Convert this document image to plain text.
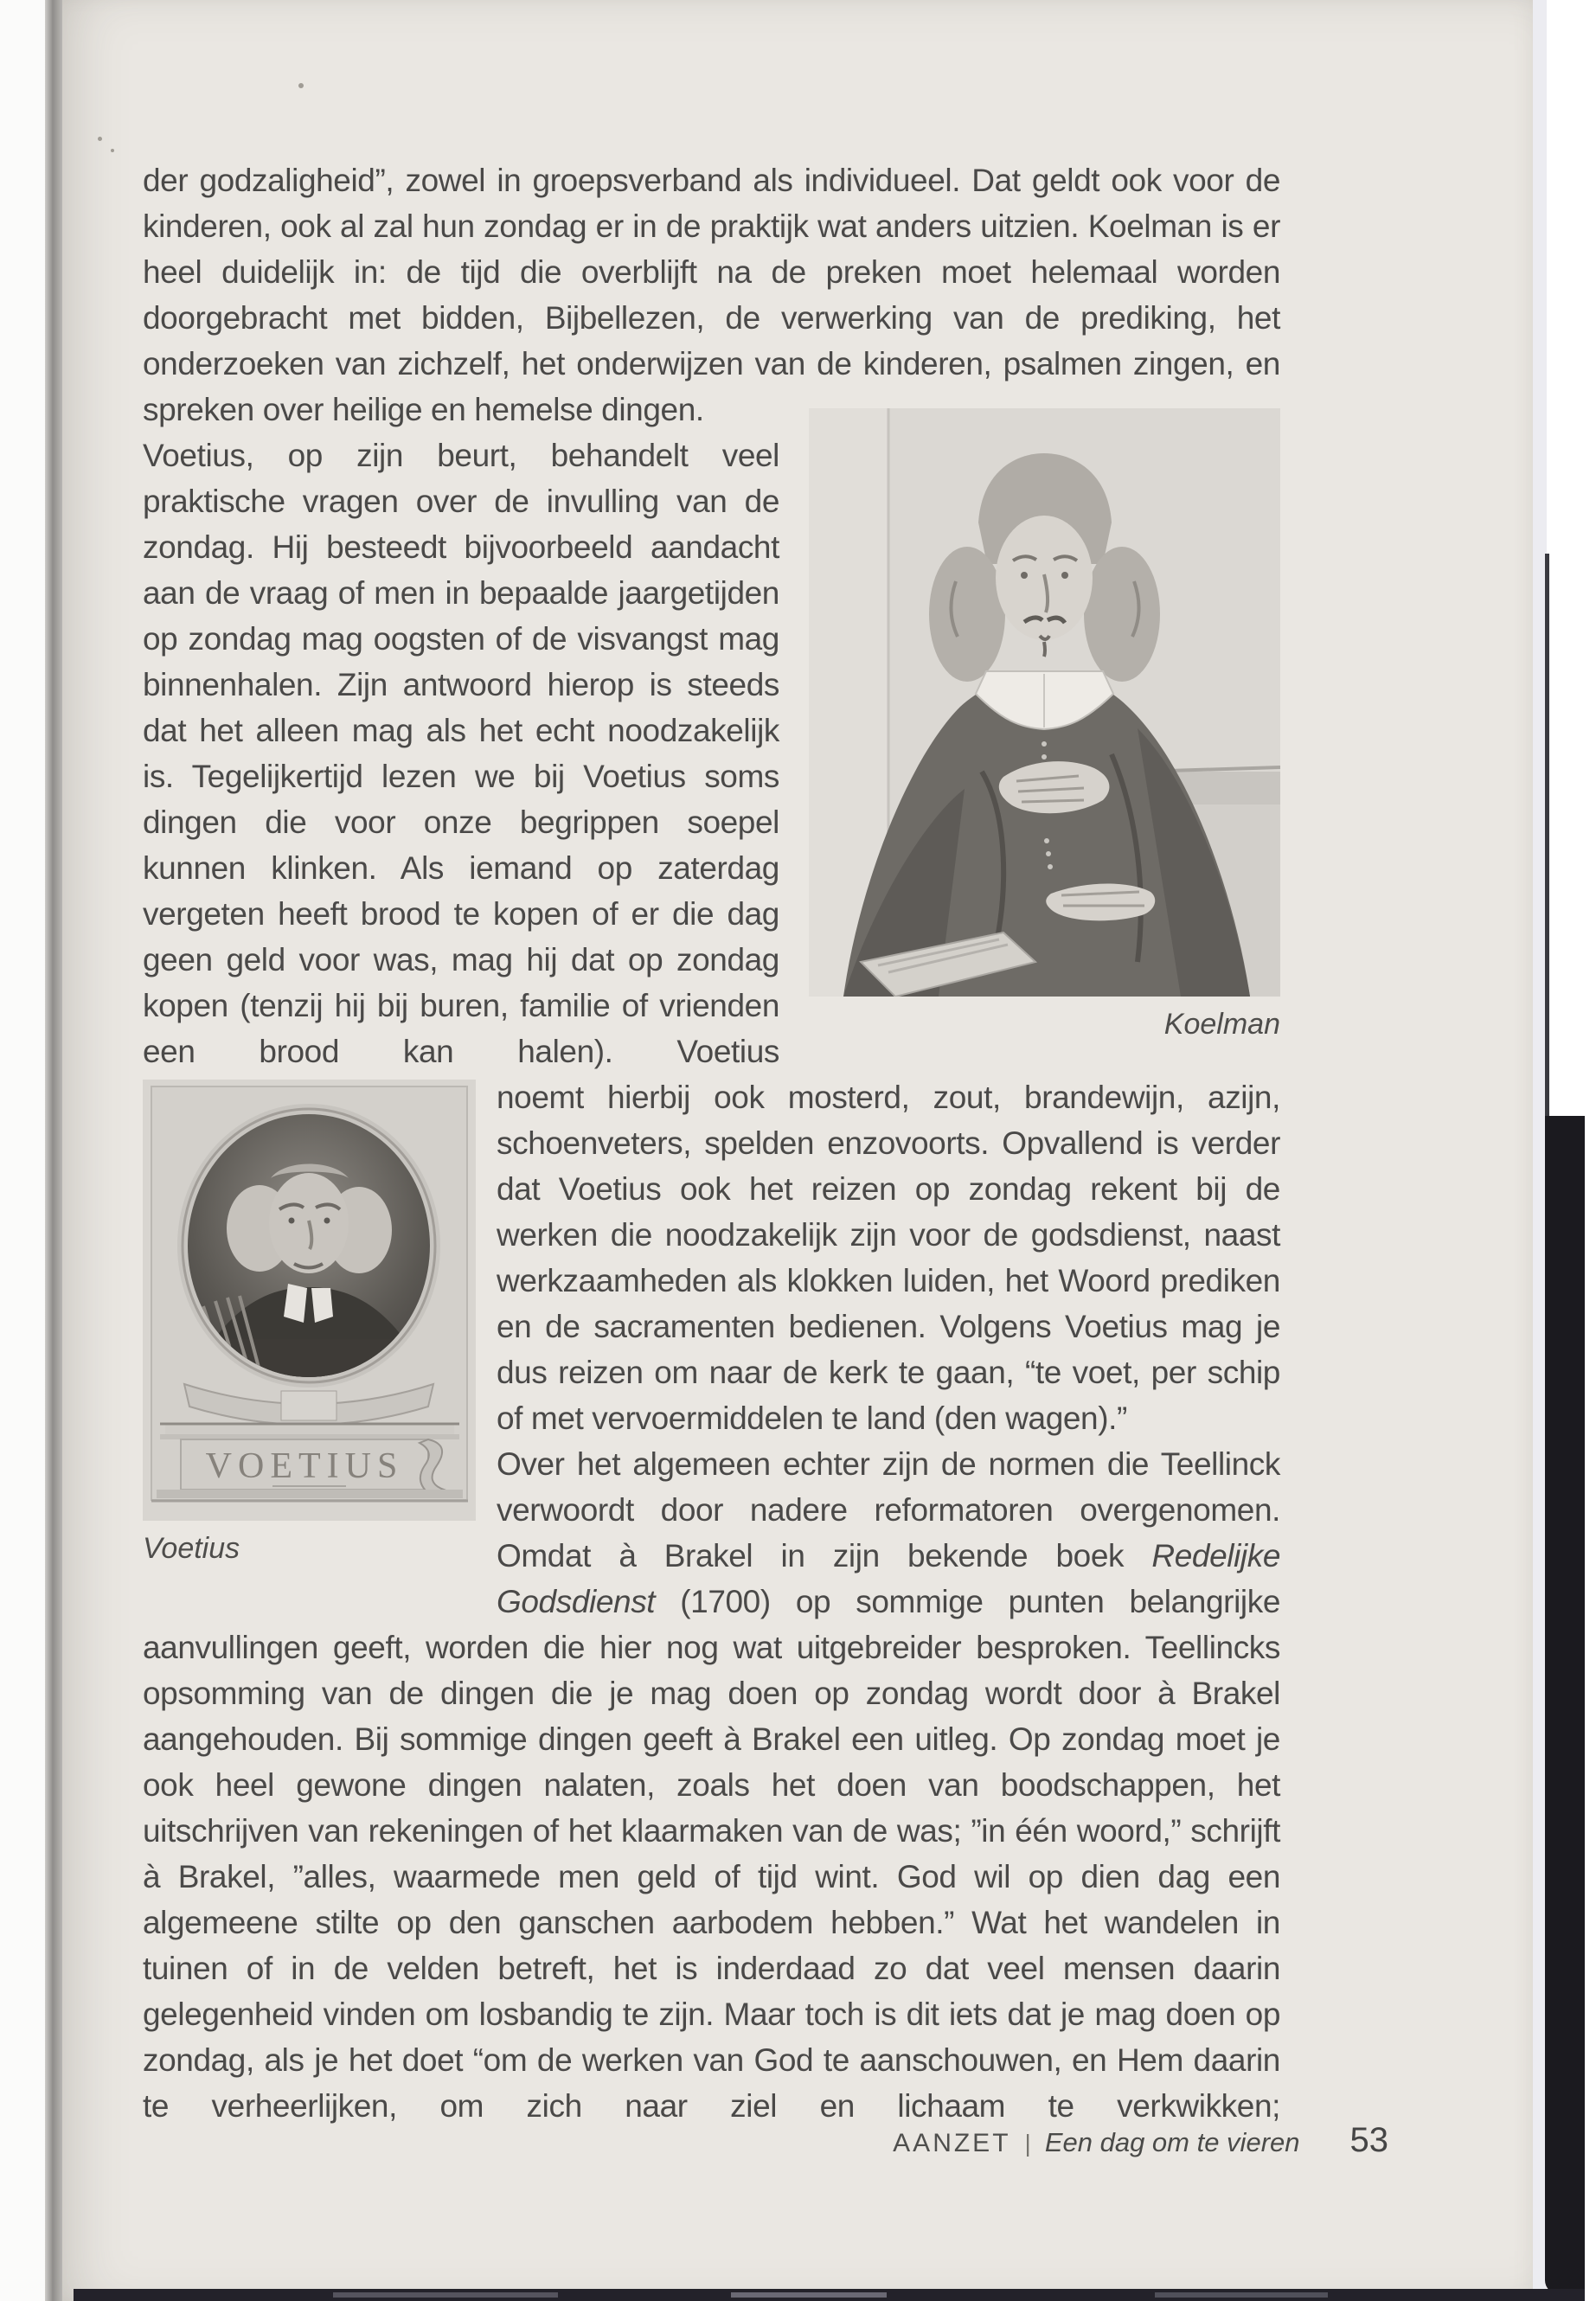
der godzaligheid”, zowel in groepsverband als individueel. Dat geldt ook voor de kinderen, ook al zal hun zondag er in de praktijk wat anders uitzien. Koelman is er heel duidelijk in: de tijd die overblijft na de preken moet helemaal worden doorgebracht met bidden, Bijbellezen, de verwerking van de prediking, het onderzoeken van zichzelf, het onderwijzen van de kinderen, psalmen zingen, en spreken over heilige en hemelse dingen.

Koelman

Voetius, op zijn beurt, behandelt veel praktische vragen over de invulling van de zondag. Hij besteedt bijvoorbeeld aandacht aan de vraag of men in bepaalde jaargetijden op zondag mag oogsten of de visvangst mag binnenhalen. Zijn antwoord hierop is steeds dat het alleen mag als het echt noodzakelijk is. Tegelijkertijd lezen we bij Voetius soms dingen die voor onze begrippen soepel kunnen klinken. Als iemand op zaterdag vergeten heeft brood te kopen of er die dag geen geld voor was, mag hij dat op zondag kopen (tenzij hij bij buren, familie of vrienden een brood kan halen). Voetius

VOETIUS
Voetius

noemt hierbij ook mosterd, zout, brandewijn, azijn, schoenveters, spelden enzovoorts. Opvallend is verder dat Voetius ook het reizen op zondag rekent bij de werken die noodzakelijk zijn voor de godsdienst, naast werkzaamheden als klokken luiden, het Woord prediken en de sacramenten bedienen. Volgens Voetius mag je dus reizen om naar de kerk te gaan, “te voet, per schip of met vervoermiddelen te land (den wagen).”

Over het algemeen echter zijn de normen die Teellinck verwoordt door nadere reformatoren overgenomen. Omdat à Brakel in zijn bekende boek Redelijke Godsdienst (1700) op sommige punten belangrijke

aanvullingen geeft, worden die hier nog wat uitgebreider besproken. Teellincks opsomming van de dingen die je mag doen op zondag wordt door à Brakel aangehouden. Bij sommige dingen geeft à Brakel een uitleg. Op zondag moet je ook heel gewone dingen nalaten, zoals het doen van boodschappen, het uitschrijven van rekeningen of het klaarmaken van de was; ”in één woord,” schrijft à Brakel, ”alles, waarmede men geld of tijd wint. God wil op dien dag een algemeene stilte op den ganschen aarbodem hebben.” Wat het wandelen in tuinen of in de velden betreft, het is inderdaad zo dat veel mensen daarin gelegenheid vinden om losbandig te zijn. Maar toch is dit iets dat je mag doen op zondag, als je het doet “om de werken van God te aanschouwen, en Hem daarin te verheerlijken, om zich naar ziel en lichaam te verkwikken;

AANZET | Een dag om te vieren 53
